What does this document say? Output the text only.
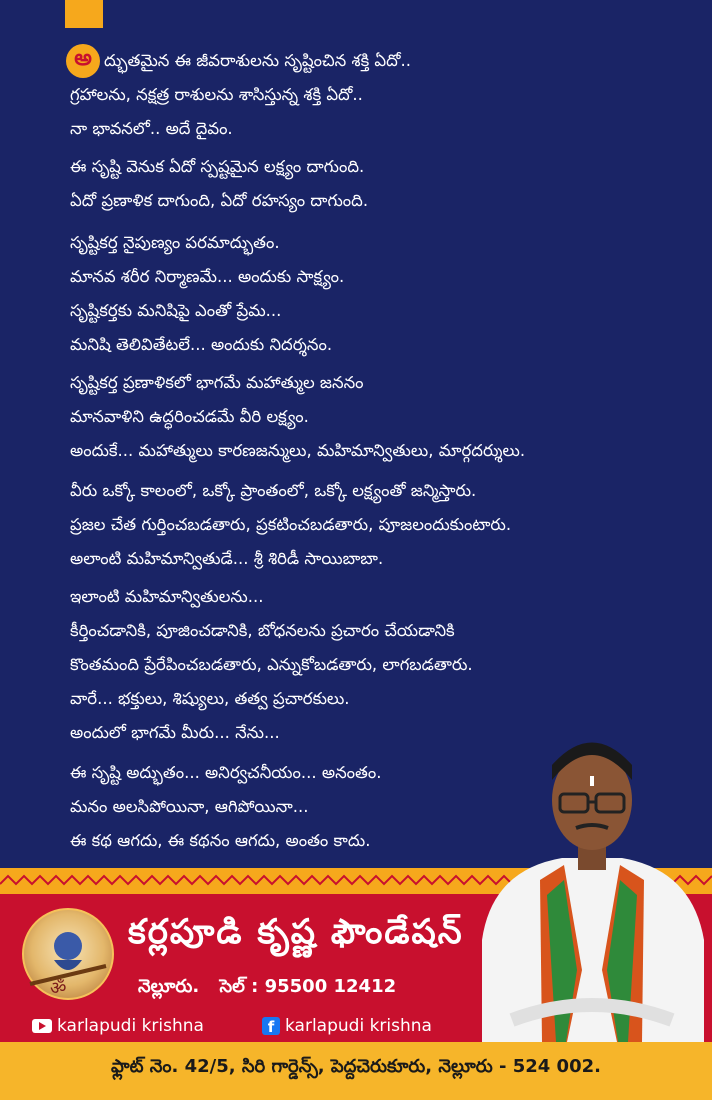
అ ద్భుతమైన ఈ జీవరాశులను సృష్టించిన శక్తి ఏదో..
గ్రహాలను, నక్షత్ర రాశులను శాసిస్తున్న శక్తి ఏదో..
నా భావనలో.. అదే దైవం.
ఈ సృష్టి వెనుక ఏదో స్పష్టమైన లక్ష్యం దాగుంది.
ఏదో ప్రణాళిక దాగుంది, ఏదో రహస్యం దాగుంది.
సృష్టికర్త నైపుణ్యం పరమాద్భుతం.
మానవ శరీర నిర్మాణమే... అందుకు సాక్ష్యం.
సృష్టికర్తకు మనిషిపై ఎంతో ప్రేమ...
మనిషి తెలివితేటలే... అందుకు నిదర్శనం.
సృష్టికర్త ప్రణాళికలో భాగమే మహాత్ముల జననం
మానవాళిని ఉద్ధరించడమే వీరి లక్ష్యం.
అందుకే... మహాత్ములు కారణజన్ములు, మహిమాన్వితులు, మార్గదర్శులు.
వీరు ఒక్కో కాలంలో, ఒక్కో ప్రాంతంలో, ఒక్కో లక్ష్యంతో జన్మిస్తారు.
ప్రజల చేత గుర్తించబడతారు, ప్రకటించబడతారు, పూజలందుకుంటారు.
అలాంటి మహిమాన్వితుడే... శ్రీ శిరిడీ సాయిబాబా.
ఇలాంటి మహిమాన్వితులను...
కీర్తించడానికి, పూజించడానికి, బోధనలను ప్రచారం చేయడానికి
కొంతమంది ప్రేరేపించబడతారు, ఎన్నుకోబడతారు, లాగబడతారు.
వారే... భక్తులు, శిష్యులు, తత్వ ప్రచారకులు.
అందులో భాగమే మీరు... నేను...
ఈ సృష్టి అద్భుతం... అనిర్వచనీయం... అనంతం.
మనం అలసిపోయినా, ఆగిపోయినా...
ఈ కథ ఆగదు, ఈ కథనం ఆగదు, అంతం కాదు.
ॐ
కర్లపూడి కృష్ణ ఫౌండేషన్
నెల్లూరు. సెల్ : 95500 12412
karlapudi krishna	f karlapudi krishna
ఫ్లాట్ నెం. 42/5, సిరి గార్డెన్స్, పెద్దచెరుకూరు, నెల్లూరు - 524 002.
